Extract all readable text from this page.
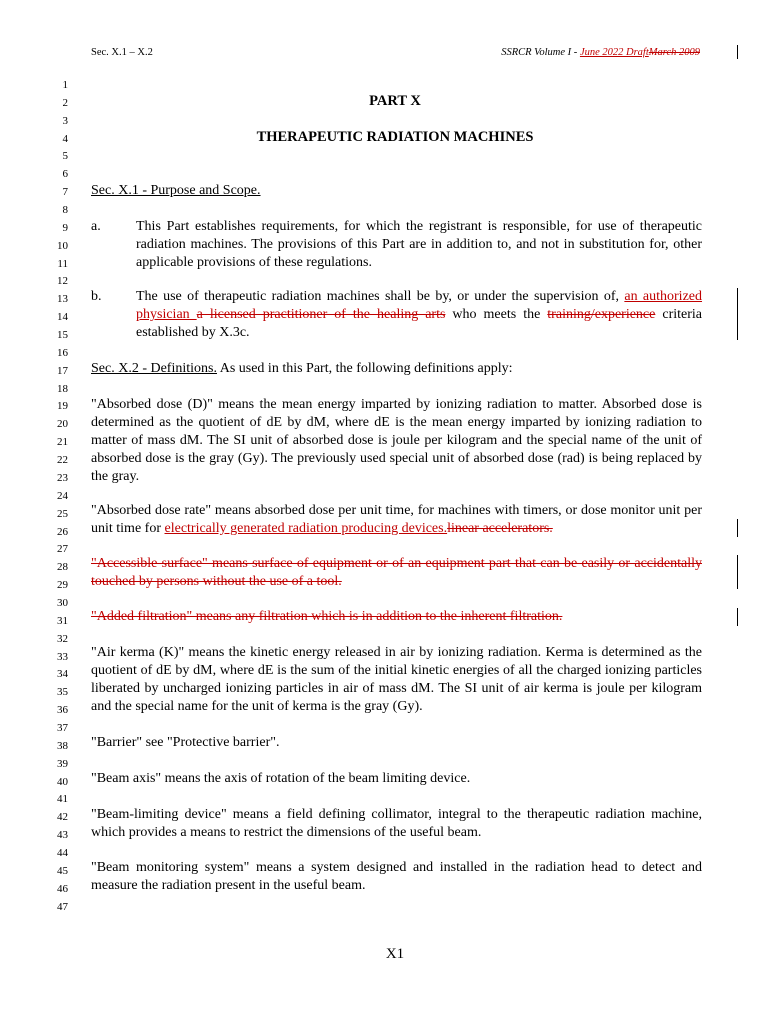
Sec. X.1 – X.2	SSRCR Volume I - June 2022 DraftMarch 2009
1
2
3
4
5
6
7
8
9
10
11
12
13
14
15
16
17
18
19
20
21
22
23
24
25
26
27
28
29
30
31
32
33
34
35
36
37
38
39
40
41
42
43
44
45
46
47
PART X
THERAPEUTIC RADIATION MACHINES
Sec. X.1 - Purpose and Scope.
a.	This Part establishes requirements, for which the registrant is responsible, for use of therapeutic radiation machines. The provisions of this Part are in addition to, and not in substitution for, other applicable provisions of these regulations.
b. The use of therapeutic radiation machines shall be by, or under the supervision of, an authorized physician a licensed practitioner of the healing arts who meets the training/experience criteria established by X.3c.
Sec. X.2 - Definitions. As used in this Part, the following definitions apply:
"Absorbed dose (D)" means the mean energy imparted by ionizing radiation to matter. Absorbed dose is determined as the quotient of dE by dM, where dE is the mean energy imparted by ionizing radiation to matter of mass dM. The SI unit of absorbed dose is joule per kilogram and the special name of the unit of absorbed dose is the gray (Gy). The previously used special unit of absorbed dose (rad) is being replaced by the gray.
"Absorbed dose rate" means absorbed dose per unit time, for machines with timers, or dose monitor unit per unit time for electrically generated radiation producing devices.linear accelerators.
"Accessible surface" means surface of equipment or of an equipment part that can be easily or accidentally touched by persons without the use of a tool.
"Added filtration" means any filtration which is in addition to the inherent filtration.
"Air kerma (K)" means the kinetic energy released in air by ionizing radiation. Kerma is determined as the quotient of dE by dM, where dE is the sum of the initial kinetic energies of all the charged ionizing particles liberated by uncharged ionizing particles in air of mass dM. The SI unit of air kerma is joule per kilogram and the special name for the unit of kerma is the gray (Gy).
"Barrier" see "Protective barrier".
"Beam axis" means the axis of rotation of the beam limiting device.
"Beam-limiting device" means a field defining collimator, integral to the therapeutic radiation machine, which provides a means to restrict the dimensions of the useful beam.
"Beam monitoring system" means a system designed and installed in the radiation head to detect and measure the radiation present in the useful beam.
X1
